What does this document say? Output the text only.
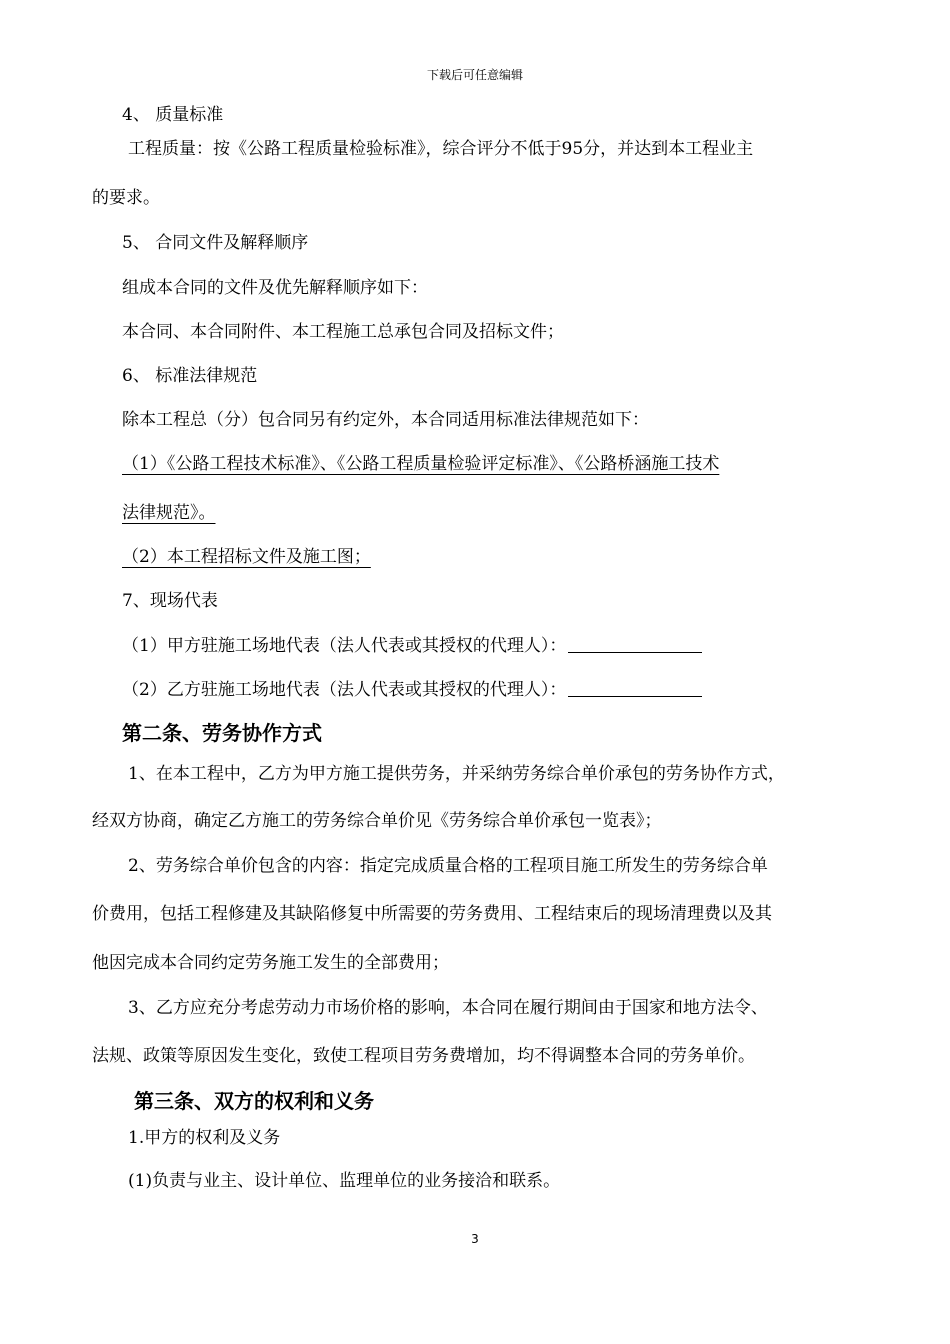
下载后可任意编辑
4、 质量标准
工程质量：按《公路工程质量检验标准》，综合评分不低于95分，并达到本工程业主
的要求。
5、 合同文件及解释顺序
组成本合同的文件及优先解释顺序如下：
本合同、本合同附件、本工程施工总承包合同及招标文件；
6、 标准法律规范
除本工程总（分）包合同另有约定外，本合同适用标准法律规范如下：
（1）《公路工程技术标准》、《公路工程质量检验评定标准》、《公路桥涵施工技术
法律规范》。
（2）本工程招标文件及施工图；
7、现场代表
（1）甲方驻施工场地代表（法人代表或其授权的代理人）：
（2）乙方驻施工场地代表（法人代表或其授权的代理人）：
第二条、劳务协作方式
1、在本工程中，乙方为甲方施工提供劳务，并采纳劳务综合单价承包的劳务协作方式，
经双方协商，确定乙方施工的劳务综合单价见《劳务综合单价承包一览表》；
2、劳务综合单价包含的内容：指定完成质量合格的工程项目施工所发生的劳务综合单
价费用，包括工程修建及其缺陷修复中所需要的劳务费用、工程结束后的现场清理费以及其
他因完成本合同约定劳务施工发生的全部费用；
3、乙方应充分考虑劳动力市场价格的影响，本合同在履行期间由于国家和地方法令、
法规、政策等原因发生变化，致使工程项目劳务费增加，均不得调整本合同的劳务单价。
第三条、双方的权利和义务
1.甲方的权利及义务
(1)负责与业主、设计单位、监理单位的业务接洽和联系。
3
